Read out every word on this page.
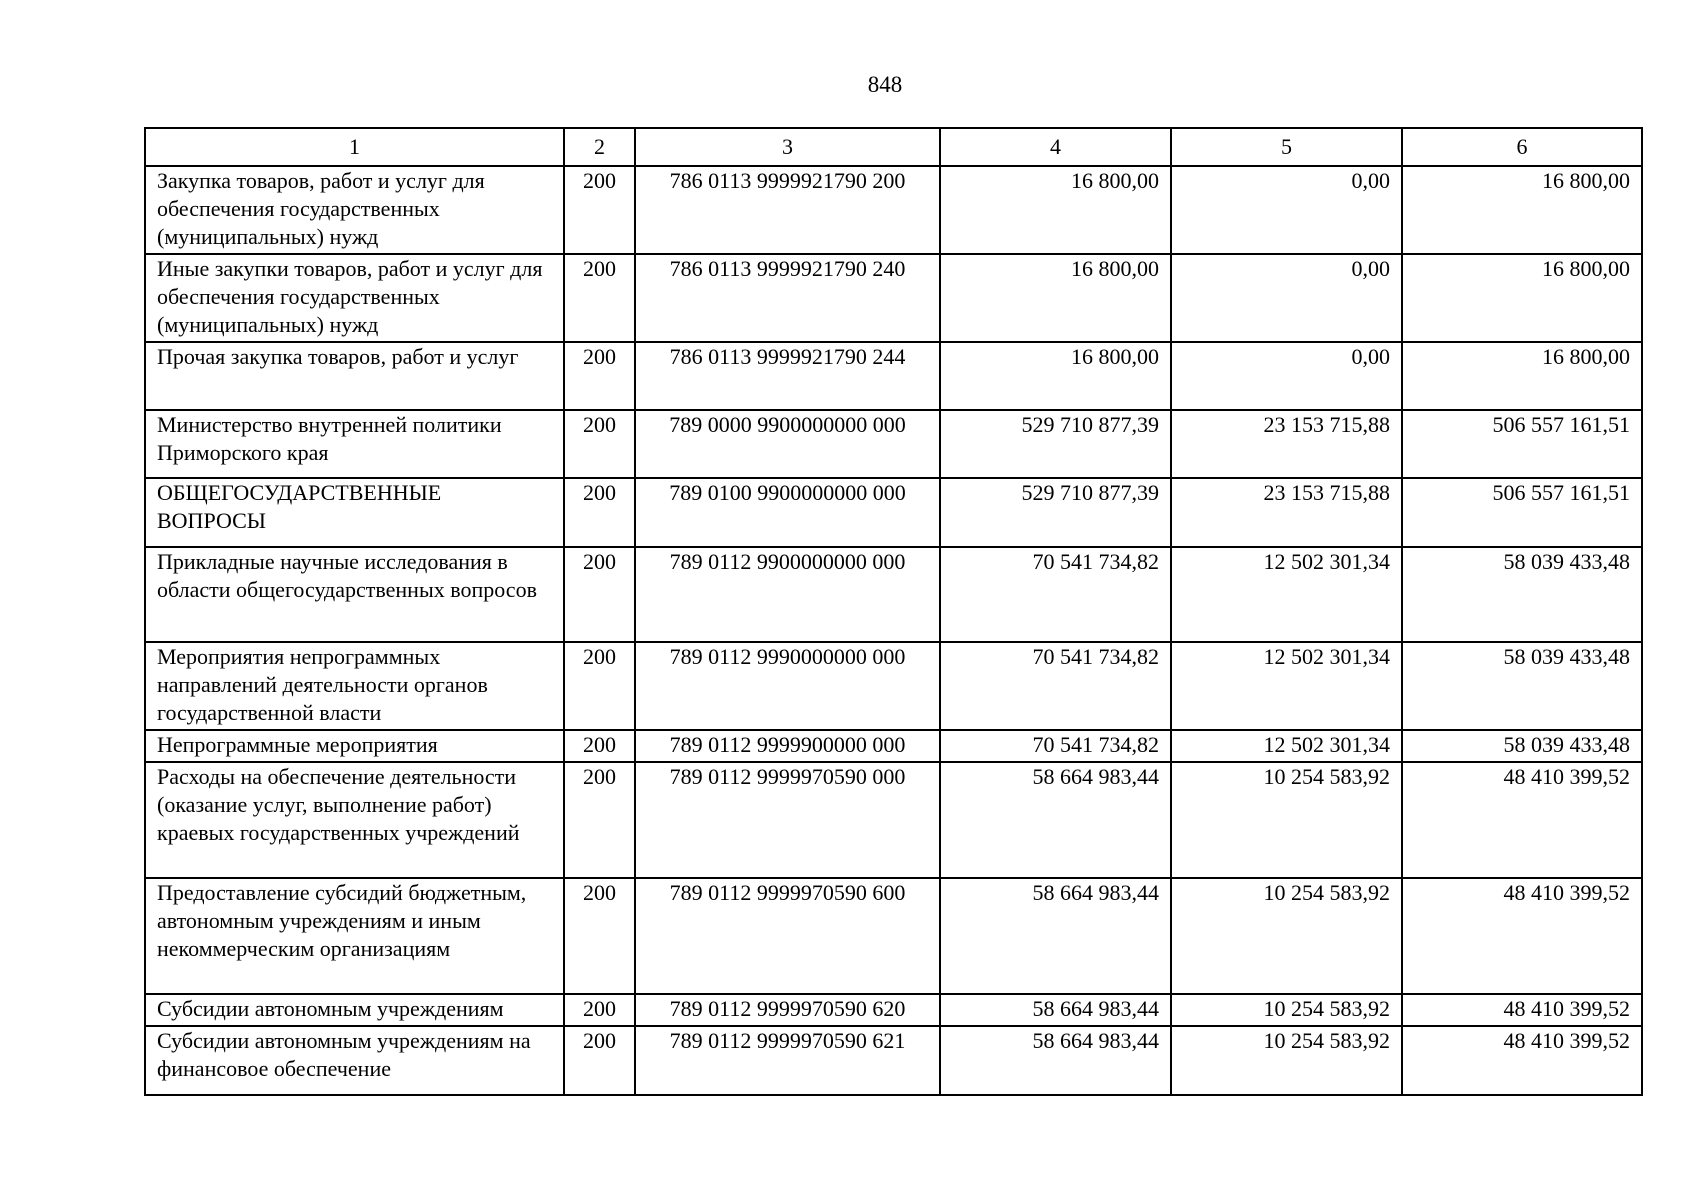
848
1	2	3	4	5	6
Закупка товаров, работ и услуг для обеспечения государственных (муниципальных) нужд	200	786 0113 9999921790 200	16 800,00	0,00	16 800,00
Иные закупки товаров, работ и услуг для обеспечения государственных (муниципальных) нужд	200	786 0113 9999921790 240	16 800,00	0,00	16 800,00
Прочая закупка товаров, работ и услуг	200	786 0113 9999921790 244	16 800,00	0,00	16 800,00
Министерство внутренней политики Приморского края	200	789 0000 9900000000 000	529 710 877,39	23 153 715,88	506 557 161,51
ОБЩЕГОСУДАРСТВЕННЫЕ ВОПРОСЫ	200	789 0100 9900000000 000	529 710 877,39	23 153 715,88	506 557 161,51
Прикладные научные исследования в области общегосударственных вопросов	200	789 0112 9900000000 000	70 541 734,82	12 502 301,34	58 039 433,48
Мероприятия непрограммных направлений деятельности органов государственной власти	200	789 0112 9990000000 000	70 541 734,82	12 502 301,34	58 039 433,48
Непрограммные мероприятия	200	789 0112 9999900000 000	70 541 734,82	12 502 301,34	58 039 433,48
Расходы на обеспечение деятельности (оказание услуг, выполнение работ) краевых государственных учреждений	200	789 0112 9999970590 000	58 664 983,44	10 254 583,92	48 410 399,52
Предоставление субсидий бюджетным, автономным учреждениям и иным некоммерческим организациям	200	789 0112 9999970590 600	58 664 983,44	10 254 583,92	48 410 399,52
Субсидии автономным учреждениям	200	789 0112 9999970590 620	58 664 983,44	10 254 583,92	48 410 399,52
Субсидии автономным учреждениям на финансовое обеспечение	200	789 0112 9999970590 621	58 664 983,44	10 254 583,92	48 410 399,52
